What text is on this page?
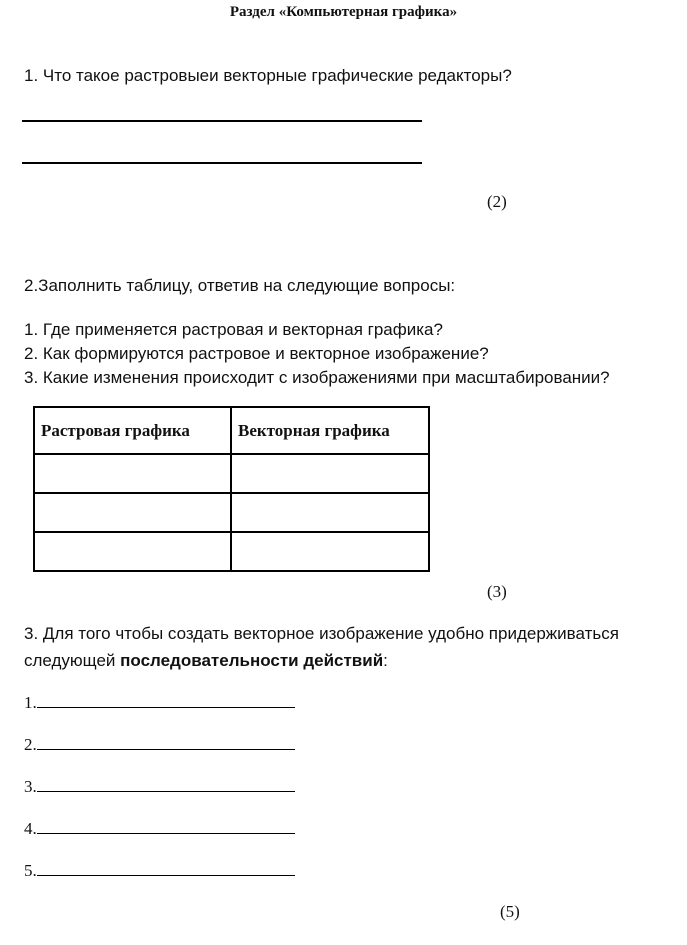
Раздел «Компьютерная графика»
1. Что такое растровыеи векторные графические редакторы?
(2)
2.Заполнить таблицу, ответив на следующие вопросы:
1. Где применяется растровая и векторная графика?
2. Как формируются растровое и векторное изображение?
3. Какие изменения происходит с изображениями при масштабировании?
Растровая графика	Векторная графика

(3)
3. Для того чтобы создать векторное изображение удобно придерживаться
следующей последовательности действий:
1.
2.
3.
4.
5.
(5)
